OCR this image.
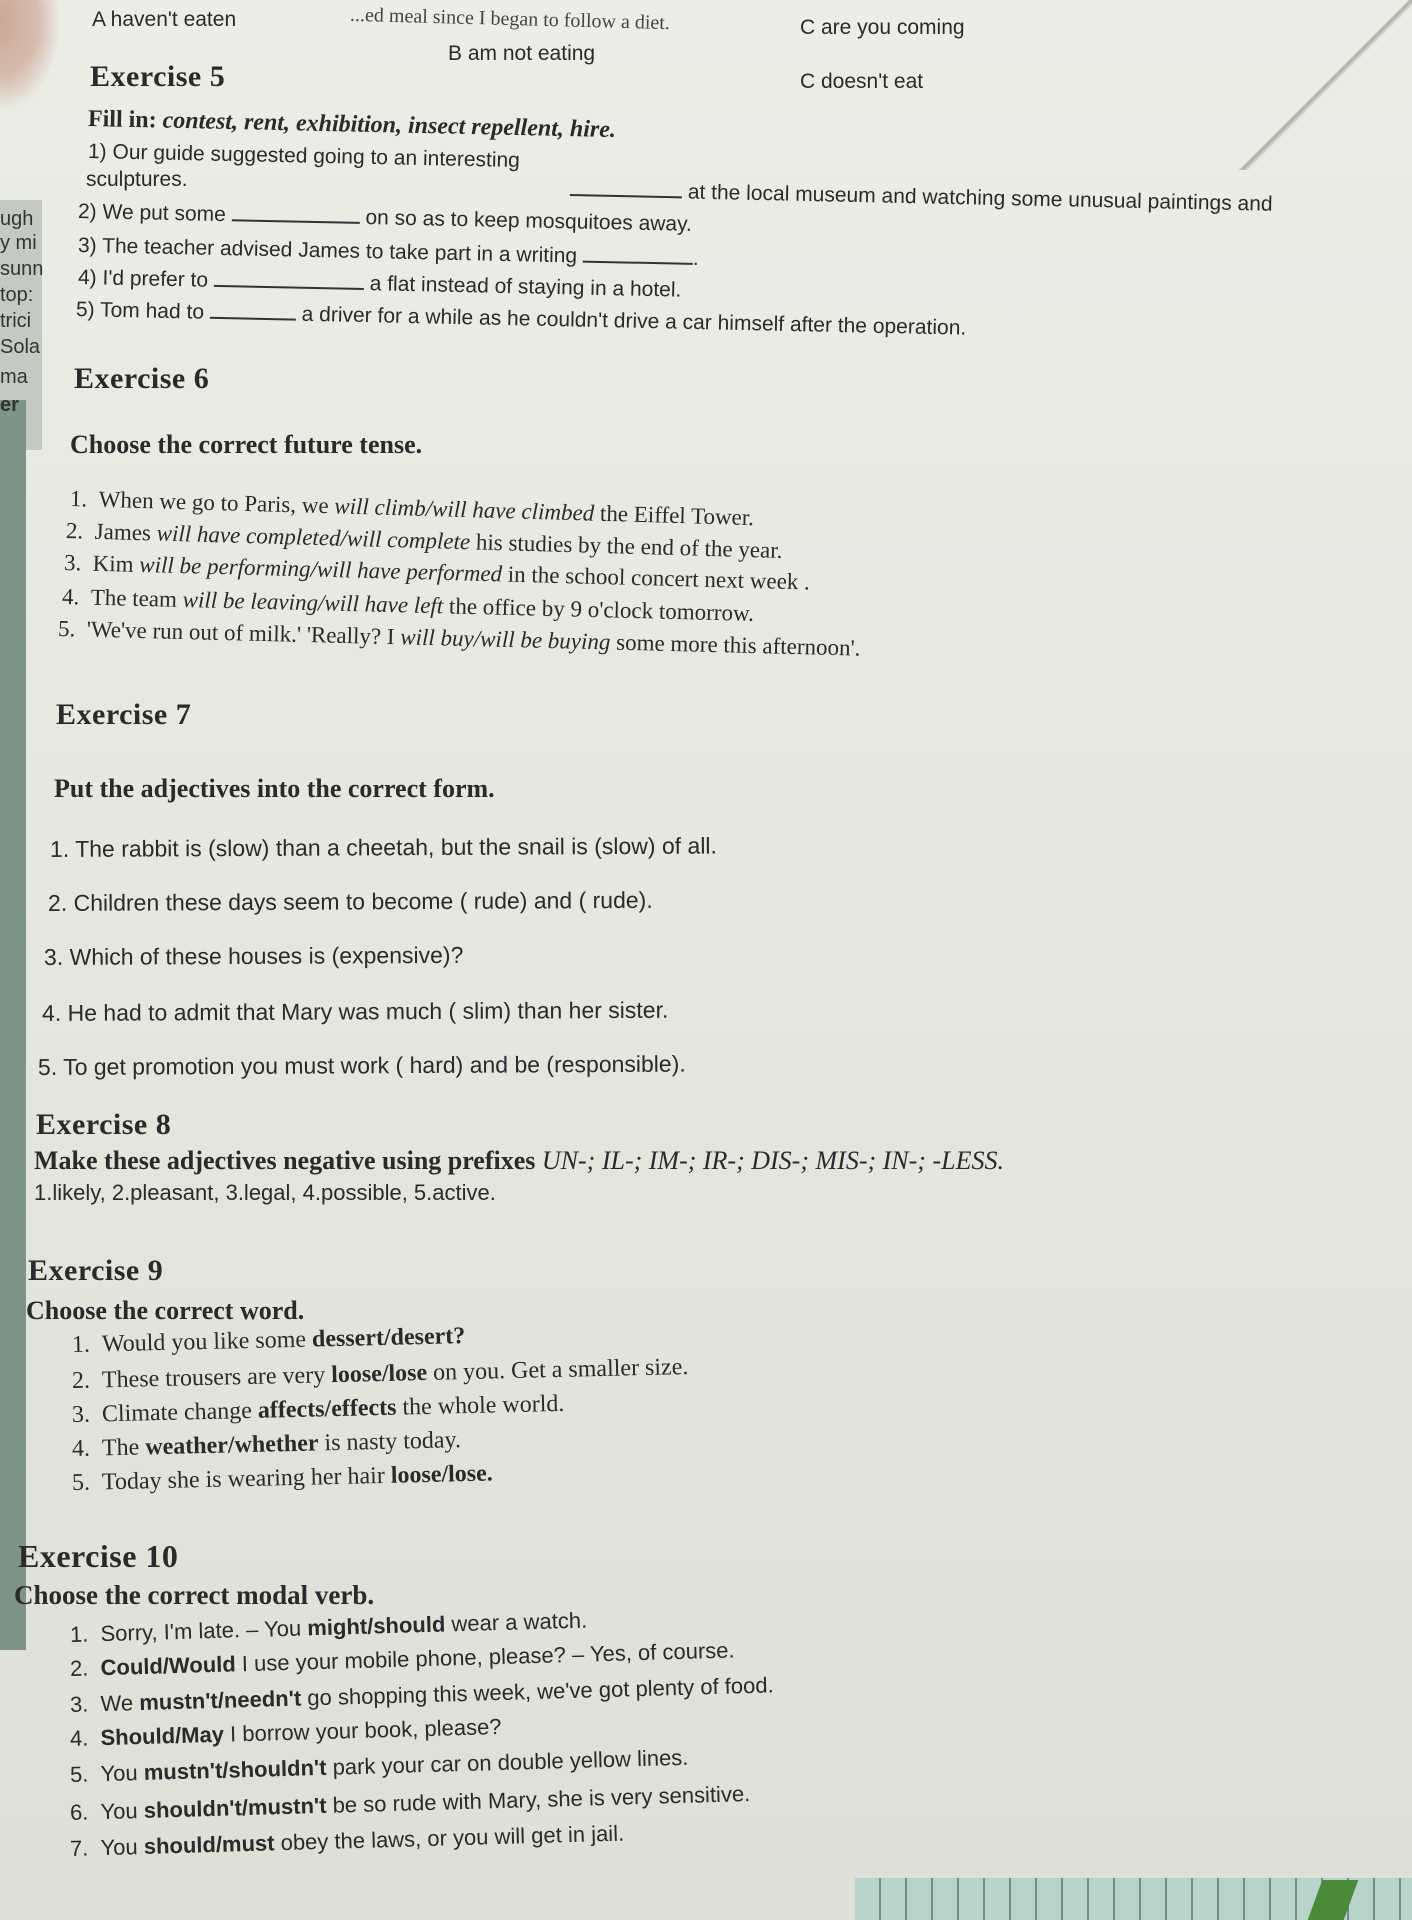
ugh
y mi
sunn
top:
trici
Sola
ma
er
A haven't eaten	...ed meal since I began to follow a diet.
B am not eating
C are you coming
C doesn't eat
Exercise 5
Fill in: contest, rent, exhibition, insect repellent, hire.
1) Our guide suggested going to an interesting
sculptures.
at the local museum and watching some unusual paintings and
2) We put some	on so as to keep mosquitoes away.
3) The teacher advised James to take part in a writing	.
4) I'd prefer to	a flat instead of staying in a hotel.
5) Tom had to	a driver for a while as he couldn't drive a car himself after the operation.
Exercise 6
Choose the correct future tense.
1.  When we go to Paris, we will climb/will have climbed the Eiffel Tower.
2.  James will have completed/will complete his studies by the end of the year.
3.  Kim will be performing/will have performed in the school concert next week .
4.  The team will be leaving/will have left the office by 9 o'clock tomorrow.
5.  'We've run out of milk.' 'Really? I will buy/will be buying some more this afternoon'.
Exercise 7
Put the adjectives into the correct form.
1. The rabbit is (slow) than a cheetah, but the snail is (slow) of all.
2. Children these days seem to become ( rude) and ( rude).
3. Which of these houses is (expensive)?
4. He had to admit that Mary was much ( slim) than her sister.
5. To get promotion you must work ( hard) and be (responsible).
Exercise 8
Make these adjectives negative using prefixes UN-; IL-; IM-; IR-; DIS-; MIS-; IN-; -LESS.
1.likely, 2.pleasant, 3.legal, 4.possible, 5.active.
Exercise 9
Choose the correct word.
1.  Would you like some dessert/desert?
2.  These trousers are very loose/lose on you. Get a smaller size.
3.  Climate change affects/effects the whole world.
4.  The weather/whether is nasty today.
5.  Today she is wearing her hair loose/lose.
Exercise 10
Choose the correct modal verb.
1.  Sorry, I'm late. – You might/should wear a watch.
2.  Could/Would I use your mobile phone, please? – Yes, of course.
3.  We mustn't/needn't go shopping this week, we've got plenty of food.
4.  Should/May I borrow your book, please?
5.  You mustn't/shouldn't park your car on double yellow lines.
6.  You shouldn't/mustn't be so rude with Mary, she is very sensitive.
7.  You should/must obey the laws, or you will get in jail.
